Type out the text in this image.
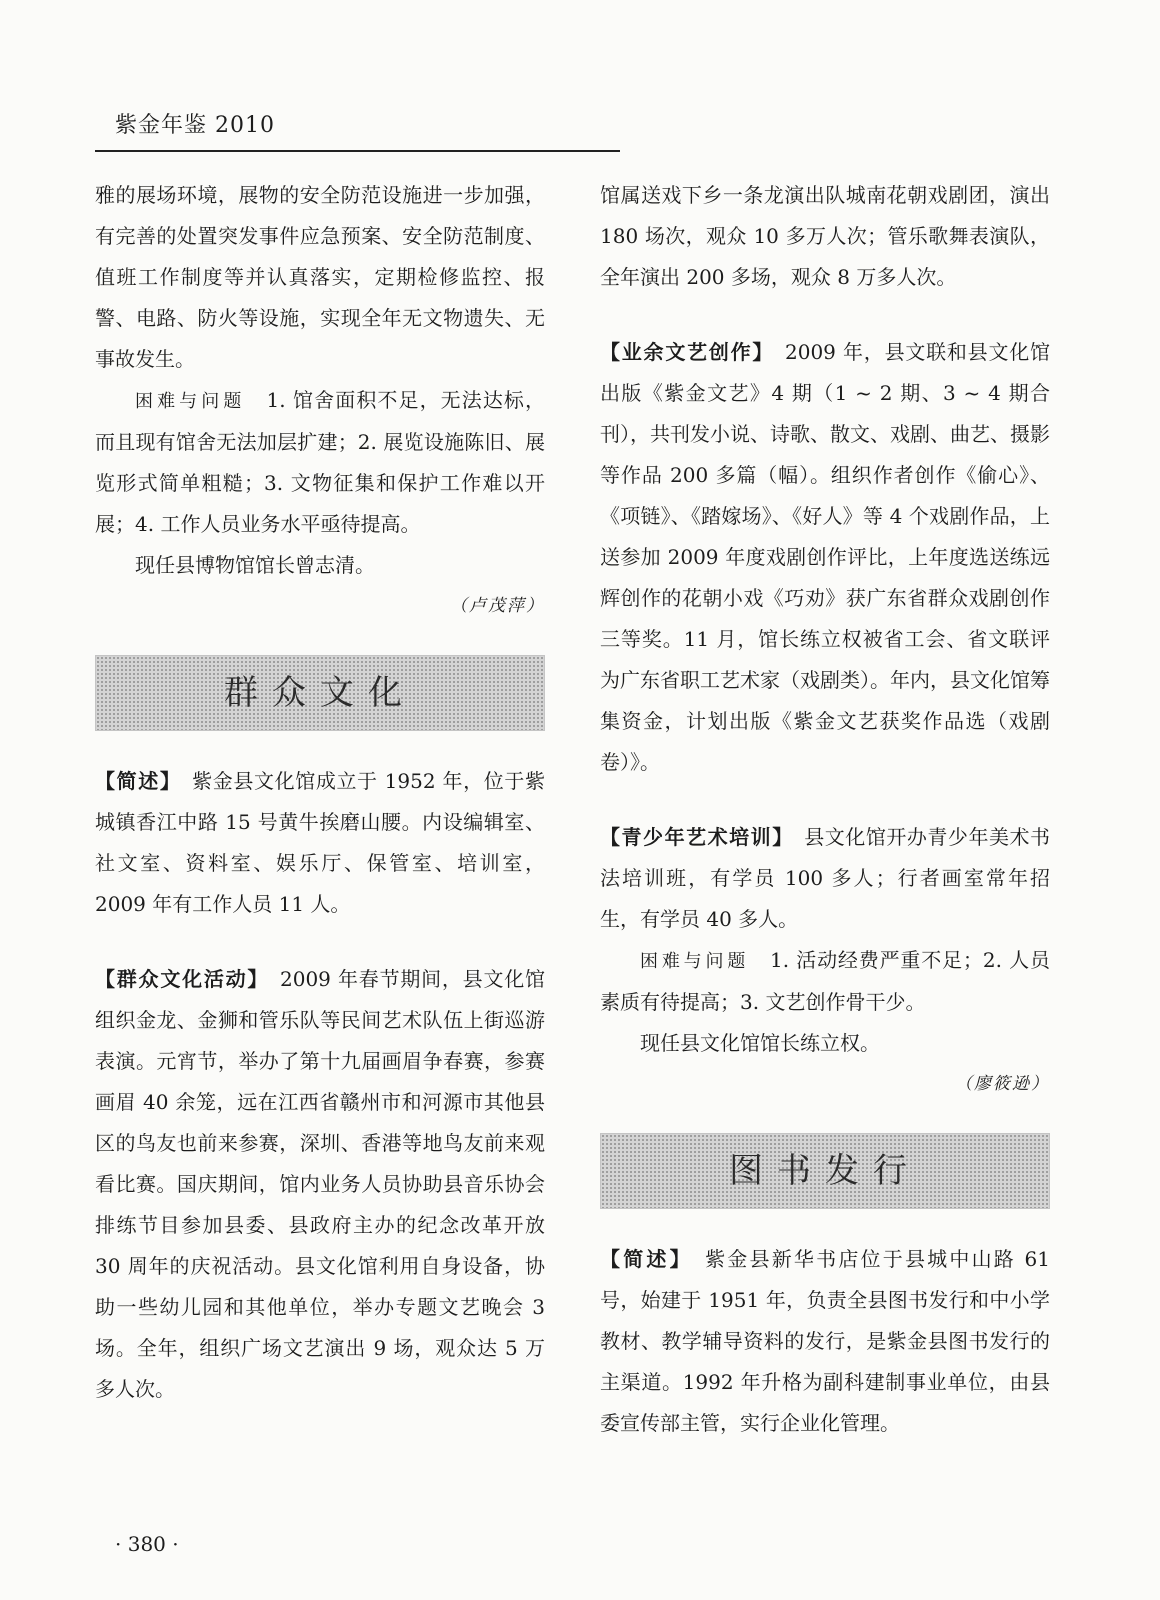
紫金年鉴 2010

雅的展场环境，展物的安全防范设施进一步加强，有完善的处置突发事件应急预案、安全防范制度、值班工作制度等并认真落实，定期检修监控、报警、电路、防火等设施，实现全年无文物遗失、无事故发生。

困难与问题　 1. 馆舍面积不足，无法达标，而且现有馆舍无法加层扩建；2. 展览设施陈旧、展览形式简单粗糙；3. 文物征集和保护工作难以开展；4. 工作人员业务水平亟待提高。

现任县博物馆馆长曾志清。

（卢茂萍）

群众文化

【简述】　 紫金县文化馆成立于 1952 年，位于紫城镇香江中路 15 号黄牛挨磨山腰。内设编辑室、社文室、资料室、娱乐厅、保管室、培训室，2009 年有工作人员 11 人。

【群众文化活动】　 2009 年春节期间，县文化馆组织金龙、金狮和管乐队等民间艺术队伍上街巡游表演。元宵节，举办了第十九届画眉争春赛，参赛画眉 40 余笼，远在江西省赣州市和河源市其他县区的鸟友也前来参赛，深圳、香港等地鸟友前来观看比赛。国庆期间，馆内业务人员协助县音乐协会排练节目参加县委、县政府主办的纪念改革开放 30 周年的庆祝活动。县文化馆利用自身设备，协助一些幼儿园和其他单位，举办专题文艺晚会 3 场。全年，组织广场文艺演出 9 场，观众达 5 万多人次。

馆属送戏下乡一条龙演出队城南花朝戏剧团，演出 180 场次，观众 10 多万人次；管乐歌舞表演队，全年演出 200 多场，观众 8 万多人次。

【业余文艺创作】　 2009 年，县文联和县文化馆出版《紫金文艺》4 期（1 ~ 2 期、3 ~ 4 期合刊），共刊发小说、诗歌、散文、戏剧、曲艺、摄影等作品 200 多篇（幅）。组织作者创作《偷心》、《项链》、《踏嫁场》、《好人》等 4 个戏剧作品，上送参加 2009 年度戏剧创作评比，上年度选送练远辉创作的花朝小戏《巧劝》获广东省群众戏剧创作三等奖。11 月，馆长练立权被省工会、省文联评为广东省职工艺术家（戏剧类）。年内，县文化馆筹集资金，计划出版《紫金文艺获奖作品选（戏剧卷）》。

【青少年艺术培训】　 县文化馆开办青少年美术书法培训班，有学员 100 多人；行者画室常年招生，有学员 40 多人。

困难与问题　 1. 活动经费严重不足；2. 人员素质有待提高；3. 文艺创作骨干少。

现任县文化馆馆长练立权。

（廖筱逊）

图书发行

【简述】　 紫金县新华书店位于县城中山路 61 号，始建于 1951 年，负责全县图书发行和中小学教材、教学辅导资料的发行，是紫金县图书发行的主渠道。1992 年升格为副科建制事业单位，由县委宣传部主管，实行企业化管理。

· 380 ·
